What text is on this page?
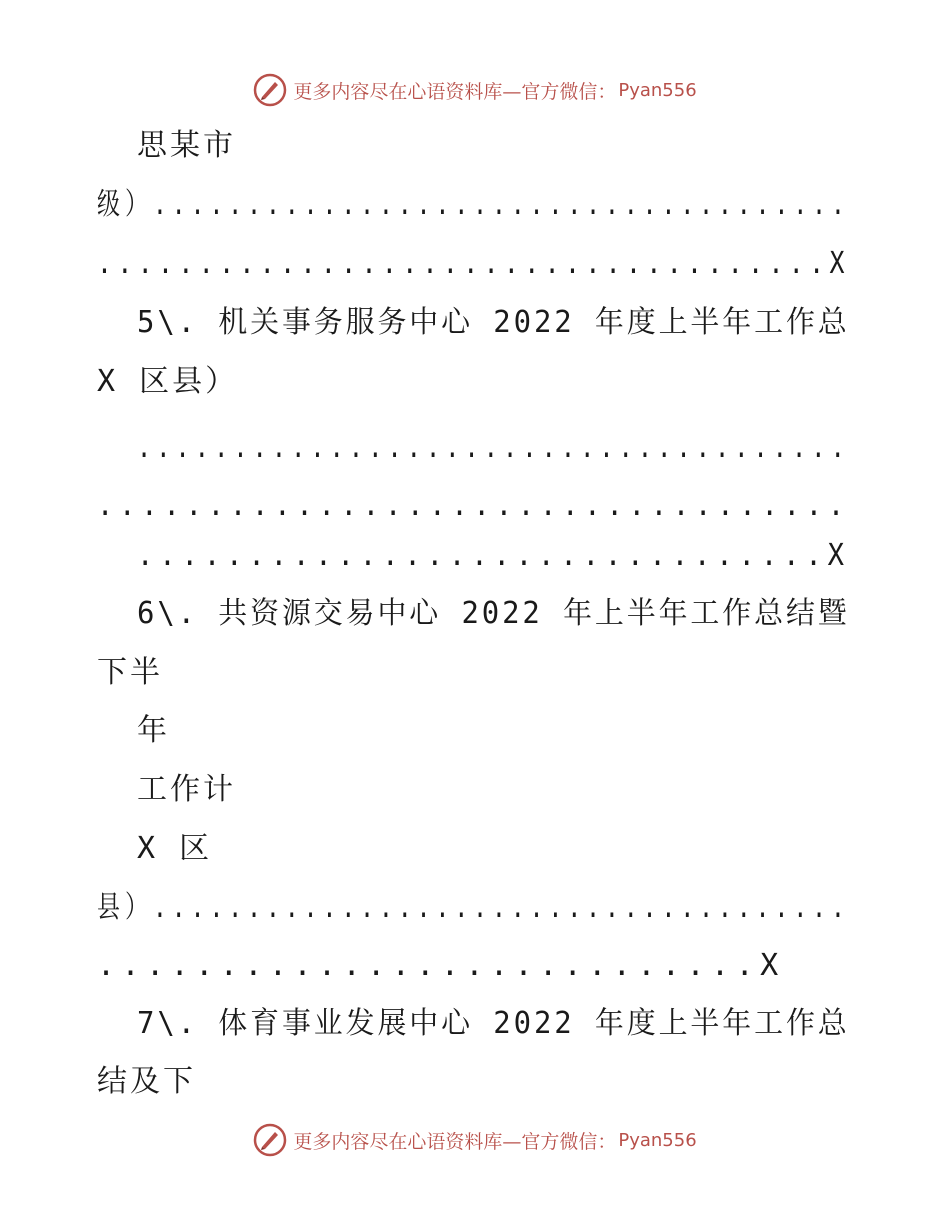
更多内容尽在心语资料库—官方微信： Pyan556
思某市
级）.....................................
....................................X
5\. 机关事务服务中心 2022 年度上半年工作总
X 区县）
.....................................
..................................
...............................X
6\. 共资源交易中心 2022 年上半年工作总结暨
下半
年
工作计
X 区
县）.....................................
...........................X
7\. 体育事业发展中心 2022 年度上半年工作总
结及下
更多内容尽在心语资料库—官方微信： Pyan556
